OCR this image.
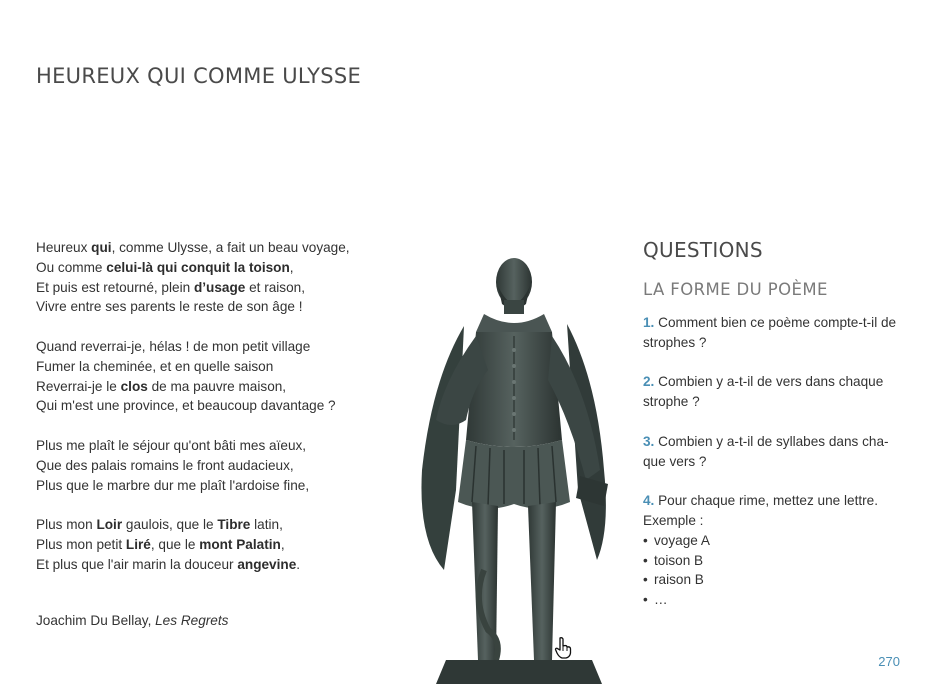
HEUREUX QUI COMME ULYSSE
Heureux qui, comme Ulysse, a fait un beau voyage,
Ou comme celui-là qui conquit la toison,
Et puis est retourné, plein d’usage et raison,
Vivre entre ses parents le reste de son âge !
Quand reverrai-je, hélas ! de mon petit village
Fumer la cheminée, et en quelle saison
Reverrai-je le clos de ma pauvre maison,
Qui m'est une province, et beaucoup davantage ?
Plus me plaît le séjour qu'ont bâti mes aïeux,
Que des palais romains le front audacieux,
Plus que le marbre dur me plaît l'ardoise fine,
Plus mon Loir gaulois, que le Tibre latin,
Plus mon petit Liré, que le mont Palatin,
Et plus que l'air marin la douceur angevine.
Joachim Du Bellay, Les Regrets
QUESTIONS
LA FORME DU POÈME
1. Comment bien ce poème compte-t-il de strophes ?
2. Combien y a-t-il de vers dans chaque strophe ?
3. Combien y a-t-il de syllabes dans cha-que vers ?
4. Pour chaque rime, mettez une lettre. Exemple :
• voyage A
• toison B
• raison B
• …
270
